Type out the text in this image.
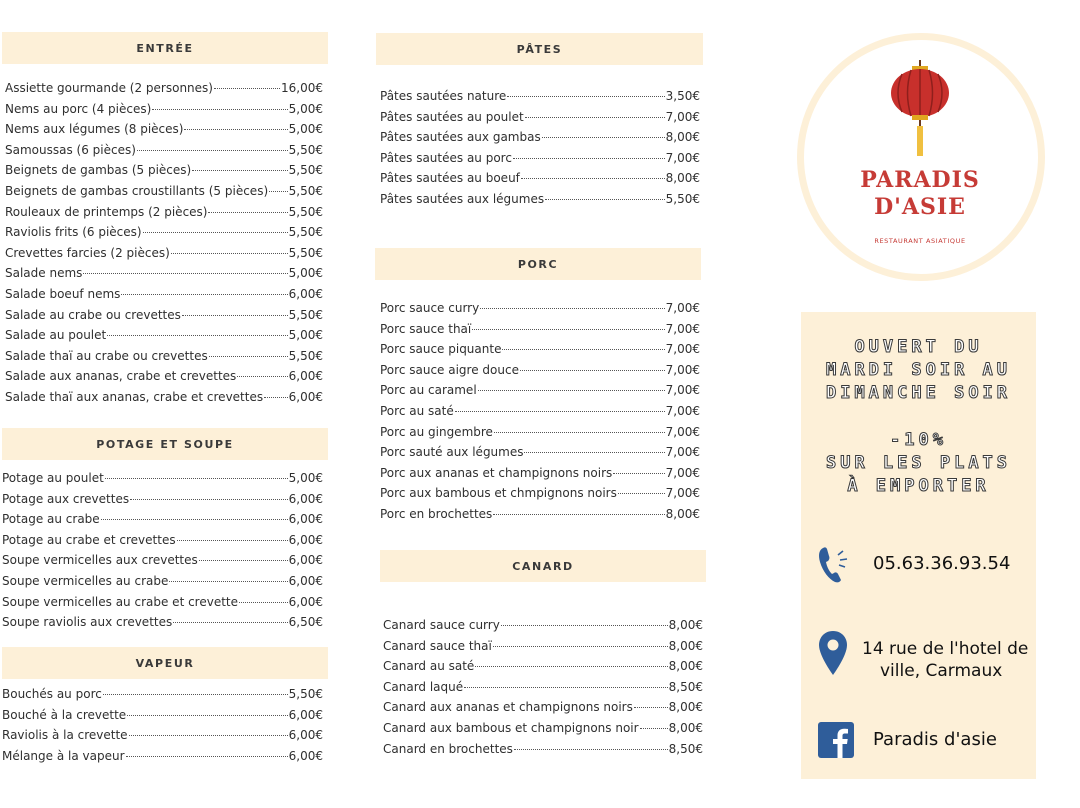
ENTRÉE
Assiette gourmande (2 personnes)	16,00€
Nems au porc (4 pièces)	5,00€
Nems aux légumes (8 pièces)	5,00€
Samoussas (6 pièces)	5,50€
Beignets de gambas (5 pièces)	5,50€
Beignets de gambas croustillants (5 pièces) 5,50€
Rouleaux de printemps (2 pièces)	5,50€
Raviolis frits (6 pièces)	5,50€
Crevettes farcies (2 pièces)	5,50€
Salade nems	5,00€
Salade boeuf nems	6,00€
Salade au crabe ou crevettes	5,50€
Salade au poulet	5,00€
Salade thaï au crabe ou crevettes	5,50€
Salade aux ananas, crabe et crevettes	6,00€
Salade thaï aux ananas, crabe et crevettes 6,00€
POTAGE ET SOUPE
Potage au poulet	5,00€
Potage aux crevettes	6,00€
Potage au crabe	6,00€
Potage au crabe et crevettes	6,00€
Soupe vermicelles aux crevettes	6,00€
Soupe vermicelles au crabe	6,00€
Soupe vermicelles au crabe et crevette	6,00€
Soupe raviolis aux crevettes	6,50€
VAPEUR
Bouchés au porc	5,50€
Bouché à la crevette	6,00€
Raviolis à la crevette	6,00€
Mélange à la vapeur	6,00€
PÂTES
Pâtes sautées nature	3,50€
Pâtes sautées au poulet	7,00€
Pâtes sautées aux gambas	8,00€
Pâtes sautées au porc	7,00€
Pâtes sautées au boeuf	8,00€
Pâtes sautées aux légumes	5,50€
PORC
Porc sauce curry	7,00€
Porc sauce thaï	7,00€
Porc sauce piquante	7,00€
Porc sauce aigre douce	7,00€
Porc au caramel	7,00€
Porc au saté	7,00€
Porc au gingembre	7,00€
Porc sauté aux légumes	7,00€
Porc aux ananas et champignons noirs	7,00€
Porc aux bambous et chmpignons noirs	7,00€
Porc en brochettes	8,00€
CANARD
Canard sauce curry	8,00€
Canard sauce thaï	8,00€
Canard au saté	8,00€
Canard laqué	8,50€
Canard aux ananas et champignons noirs	8,00€
Canard aux bambous et champignons noir	8,00€
Canard en brochettes	8,50€
PARADIS
D'ASIE
RESTAURANT ASIATIQUE
OUVERT DU
MARDI SOIR AU
DIMANCHE SOIR
-10%
SUR LES PLATS
À EMPORTER
05.63.36.93.54
14 rue de l'hotel de
ville, Carmaux
Paradis d'asie
